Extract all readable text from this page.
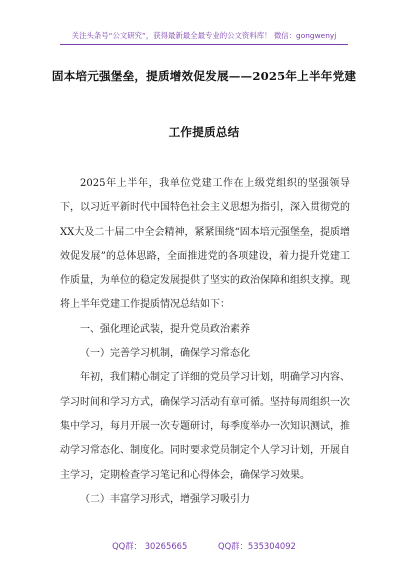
关注头条号“公文研究”，获得最新最全最专业的公文资料库！ 微信：gongwenyj
固本培元强堡垒，提质增效促发展——2025年上半年党建
工作提质总结

2025年上半年，我单位党建工作在上级党组织的坚强领导下，以习近平新时代中国特色社会主义思想为指引，深入贯彻党的XX大及二十届二中全会精神，紧紧围绕“固本培元强堡垒，提质增效促发展”的总体思路，全面推进党的各项建设，着力提升党建工作质量，为单位的稳定发展提供了坚实的政治保障和组织支撑。现将上半年党建工作提质情况总结如下：

一、强化理论武装，提升党员政治素养

（一）完善学习机制，确保学习常态化

年初，我们精心制定了详细的党员学习计划，明确学习内容、学习时间和学习方式，确保学习活动有章可循。坚持每周组织一次集中学习，每月开展一次专题研讨，每季度举办一次知识测试，推动学习常态化、制度化。同时要求党员制定个人学习计划，开展自主学习，定期检查学习笔记和心得体会，确保学习效果。

（二）丰富学习形式，增强学习吸引力

QQ群： 30265665	QQ群：535304092
